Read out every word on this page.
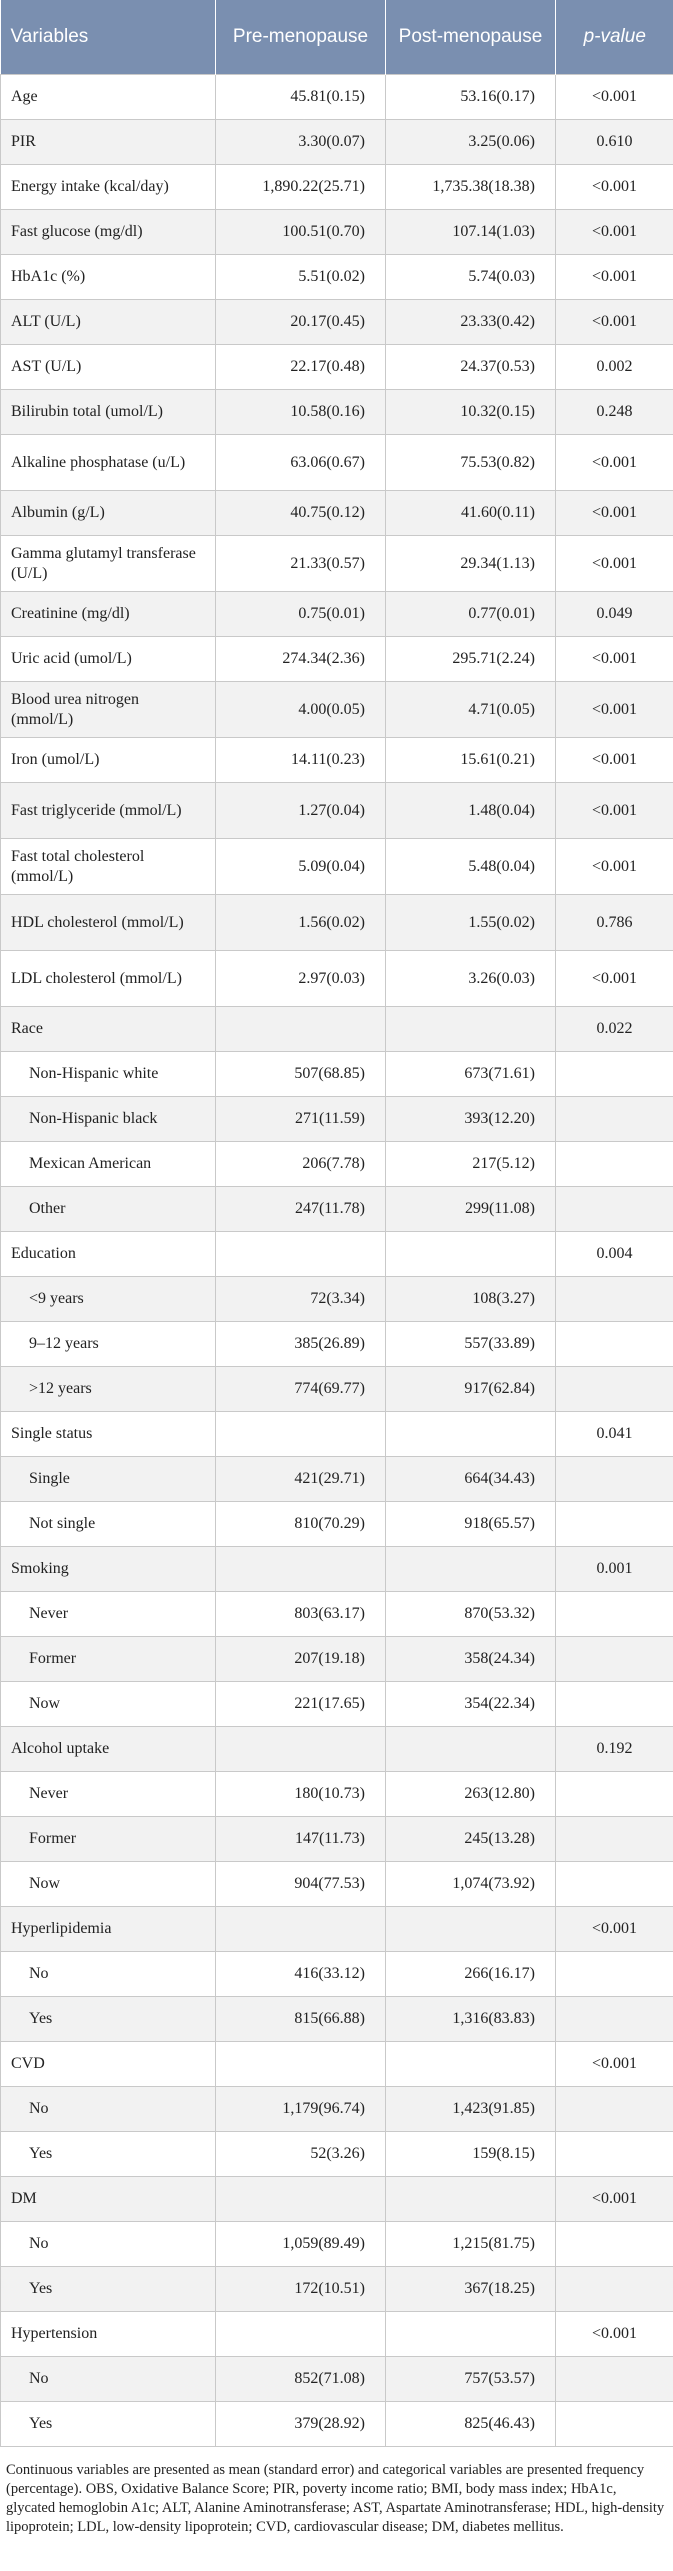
Variables	Pre-menopause	Post-menopause	p-value
Age	45.81(0.15)	53.16(0.17)	<0.001
PIR	3.30(0.07)	3.25(0.06)	0.610
Energy intake (kcal/day)	1,890.22(25.71)	1,735.38(18.38)	<0.001
Fast glucose (mg/dl)	100.51(0.70)	107.14(1.03)	<0.001
HbA1c (%)	5.51(0.02)	5.74(0.03)	<0.001
ALT (U/L)	20.17(0.45)	23.33(0.42)	<0.001
AST (U/L)	22.17(0.48)	24.37(0.53)	0.002
Bilirubin total (umol/L)	10.58(0.16)	10.32(0.15)	0.248
Alkaline phosphatase (u/L)	63.06(0.67)	75.53(0.82)	<0.001
Albumin (g/L)	40.75(0.12)	41.60(0.11)	<0.001
Gamma glutamyl transferase (U/L)	21.33(0.57)	29.34(1.13)	<0.001
Creatinine (mg/dl)	0.75(0.01)	0.77(0.01)	0.049
Uric acid (umol/L)	274.34(2.36)	295.71(2.24)	<0.001
Blood urea nitrogen (mmol/L)	4.00(0.05)	4.71(0.05)	<0.001
Iron (umol/L)	14.11(0.23)	15.61(0.21)	<0.001
Fast triglyceride (mmol/L)	1.27(0.04)	1.48(0.04)	<0.001
Fast total cholesterol (mmol/L)	5.09(0.04)	5.48(0.04)	<0.001
HDL cholesterol (mmol/L)	1.56(0.02)	1.55(0.02)	0.786
LDL cholesterol (mmol/L)	2.97(0.03)	3.26(0.03)	<0.001
Race			0.022
Non-Hispanic white	507(68.85)	673(71.61)	
Non-Hispanic black	271(11.59)	393(12.20)	
Mexican American	206(7.78)	217(5.12)	
Other	247(11.78)	299(11.08)	
Education			0.004
<9 years	72(3.34)	108(3.27)	
9–12 years	385(26.89)	557(33.89)	
>12 years	774(69.77)	917(62.84)	
Single status			0.041
Single	421(29.71)	664(34.43)	
Not single	810(70.29)	918(65.57)	
Smoking			0.001
Never	803(63.17)	870(53.32)	
Former	207(19.18)	358(24.34)	
Now	221(17.65)	354(22.34)	
Alcohol uptake			0.192
Never	180(10.73)	263(12.80)	
Former	147(11.73)	245(13.28)	
Now	904(77.53)	1,074(73.92)	
Hyperlipidemia			<0.001
No	416(33.12)	266(16.17)	
Yes	815(66.88)	1,316(83.83)	
CVD			<0.001
No	1,179(96.74)	1,423(91.85)	
Yes	52(3.26)	159(8.15)	
DM			<0.001
No	1,059(89.49)	1,215(81.75)	
Yes	172(10.51)	367(18.25)	
Hypertension			<0.001
No	852(71.08)	757(53.57)	
Yes	379(28.92)	825(46.43)	
Continuous variables are presented as mean (standard error) and categorical variables are presented frequency (percentage). OBS, Oxidative Balance Score; PIR, poverty income ratio; BMI, body mass index; HbA1c, glycated hemoglobin A1c; ALT, Alanine Aminotransferase; AST, Aspartate Aminotransferase; HDL, high-density lipoprotein; LDL, low-density lipoprotein; CVD, cardiovascular disease; DM, diabetes mellitus.
